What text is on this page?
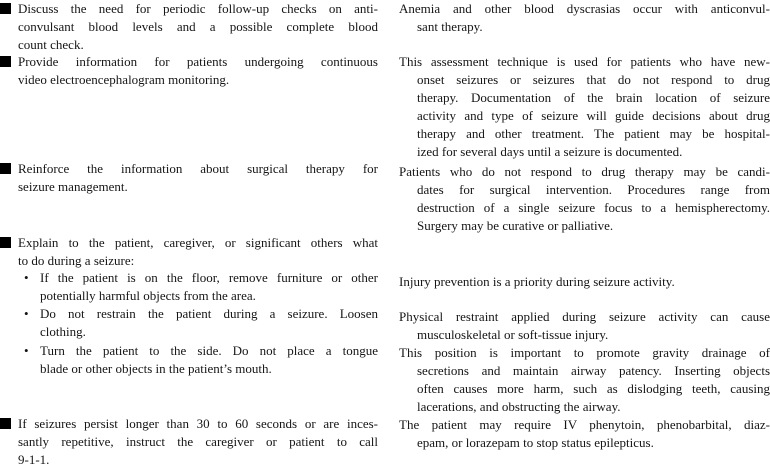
Discuss the need for periodic follow-up checks on anti-
convulsant blood levels and a possible complete blood
count check.
Provide information for patients undergoing continuous
video electroencephalogram monitoring.
Reinforce the information about surgical therapy for
seizure management.
Explain to the patient, caregiver, or significant others what
to do during a seizure:
• If the patient is on the floor, remove furniture or other
potentially harmful objects from the area.
• Do not restrain the patient during a seizure. Loosen
clothing.
• Turn the patient to the side. Do not place a tongue
blade or other objects in the patient’s mouth.
If seizures persist longer than 30 to 60 seconds or are inces-
santly repetitive, instruct the caregiver or patient to call
9-1-1.
Anemia and other blood dyscrasias occur with anticonvul-
sant therapy.
This assessment technique is used for patients who have new-
onset seizures or seizures that do not respond to drug
therapy. Documentation of the brain location of seizure
activity and type of seizure will guide decisions about drug
therapy and other treatment. The patient may be hospital-
ized for several days until a seizure is documented.
Patients who do not respond to drug therapy may be candi-
dates for surgical intervention. Procedures range from
destruction of a single seizure focus to a hemispherectomy.
Surgery may be curative or palliative.
Injury prevention is a priority during seizure activity.
Physical restraint applied during seizure activity can cause
musculoskeletal or soft-tissue injury.
This position is important to promote gravity drainage of
secretions and maintain airway patency. Inserting objects
often causes more harm, such as dislodging teeth, causing
lacerations, and obstructing the airway.
The patient may require IV phenytoin, phenobarbital, diaz-
epam, or lorazepam to stop status epilepticus.
